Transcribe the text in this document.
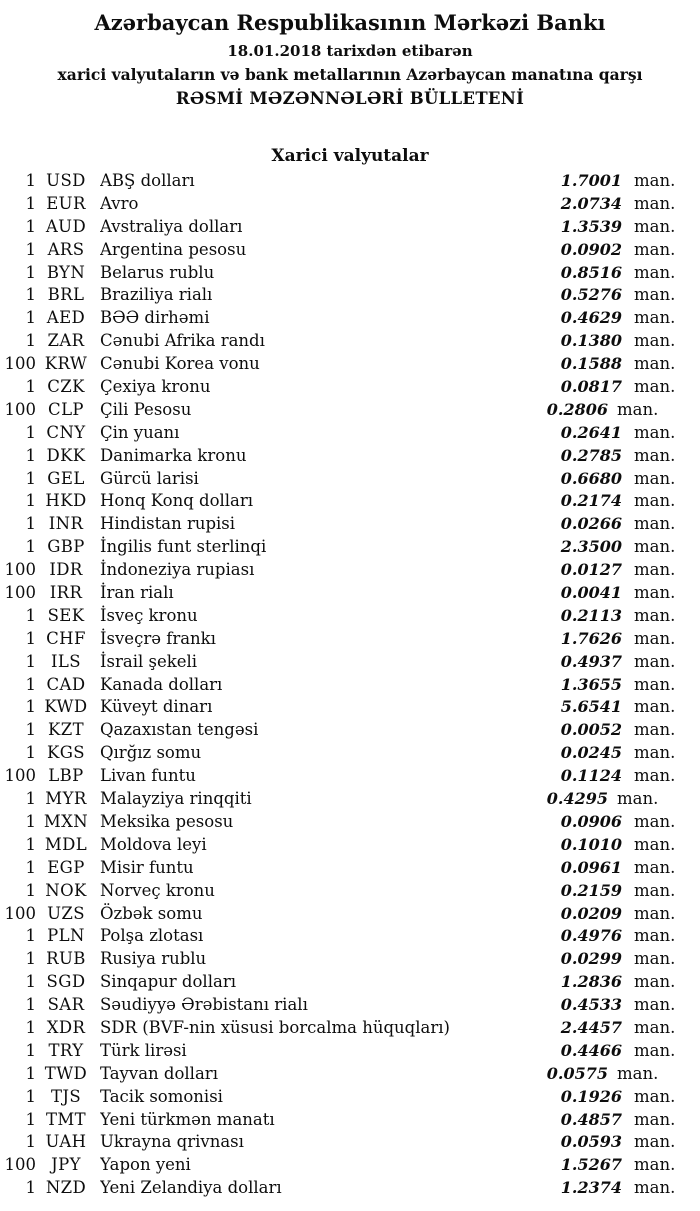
Azərbaycan Respublikasının Mərkəzi Bankı
18.01.2018 tarixdən etibarən
xarici valyutaların və bank metallarının Azərbaycan manatına qarşı
RƏSMİ MƏZƏNNƏLƏRİ BÜLLETENİ
Xarici valyutalar
1 USD ABŞ dolları	1.7001 man.
1 EUR Avro	2.0734 man.
1 AUD Avstraliya dolları	1.3539 man.
1 ARS Argentina pesosu	0.0902 man.
1 BYN Belarus rublu	0.8516 man.
1 BRL Braziliya rialı	0.5276 man.
1 AED BƏƏ dirhəmi	0.4629 man.
1 ZAR Cənubi Afrika randı	0.1380 man.
100 KRW Cənubi Korea vonu	0.1588 man.
1 CZK Çexiya kronu	0.0817 man.
100 CLP Çili Pesosu	0.2806 man.
1 CNY Çin yuanı	0.2641 man.
1 DKK Danimarka kronu	0.2785 man.
1 GEL Gürcü larisi	0.6680 man.
1 HKD Honq Konq dolları	0.2174 man.
1 INR	Hindistan rupisi	0.0266 man.
1 GBP İngilis funt sterlinqi	2.3500 man.
100 IDR	İndoneziya rupiası	0.0127 man.
100 IRR	İran rialı	0.0041 man.
1 SEK İsveç kronu	0.2113 man.
1 CHF İsveçrə frankı	1.7626 man.
1 ILS	İsrail şekeli	0.4937 man.
1 CAD Kanada dolları	1.3655 man.
1 KWD Küveyt dinarı	5.6541 man.
1 KZT Qazaxıstan tengəsi	0.0052 man.
1 KGS Qırğız somu	0.0245 man.
100 LBP Livan funtu	0.1124 man.
1 MYR Malayziya rinqqiti	0.4295 man.
1 MXN Meksika pesosu	0.0906 man.
1 MDL Moldova leyi	0.1010 man.
1 EGP Misir funtu	0.0961 man.
1 NOK Norveç kronu	0.2159 man.
100 UZS Özbək somu	0.0209 man.
1 PLN Polşa zlotası	0.4976 man.
1 RUB Rusiya rublu	0.0299 man.
1 SGD Sinqapur dolları	1.2836 man.
1 SAR Səudiyyə Ərəbistanı rialı	0.4533 man.
1 XDR SDR (BVF-nin xüsusi borcalma hüquqları)	2.4457 man.
1 TRY	Türk lirəsi	0.4466 man.
1 TWD Tayvan dolları	0.0575 man.
1 TJS	Tacik somonisi	0.1926 man.
1 TMT Yeni türkmən manatı	0.4857 man.
1 UAH Ukrayna qrivnası	0.0593 man.
100 JPY	Yapon yeni	1.5267 man.
1 NZD Yeni Zelandiya dolları	1.2374 man.
